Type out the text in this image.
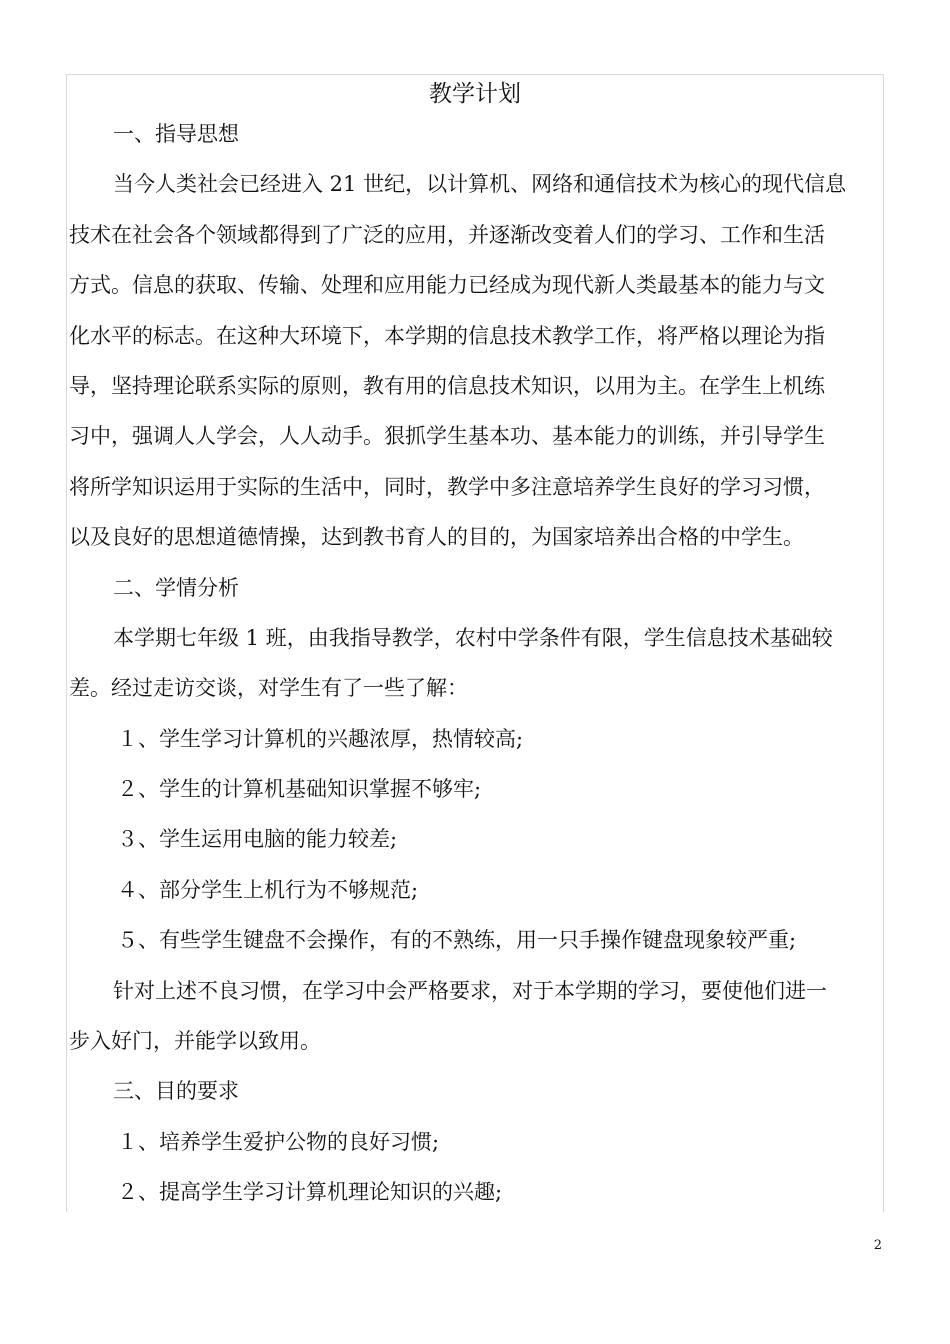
教学计划
一、指导思想
当今人类社会已经进入 21 世纪，以计算机、网络和通信技术为核心的现代信息
技术在社会各个领域都得到了广泛的应用，并逐渐改变着人们的学习、工作和生活
方式。信息的获取、传输、处理和应用能力已经成为现代新人类最基本的能力与文
化水平的标志。在这种大环境下，本学期的信息技术教学工作，将严格以理论为指
导，坚持理论联系实际的原则，教有用的信息技术知识，以用为主。在学生上机练
习中，强调人人学会，人人动手。狠抓学生基本功、基本能力的训练，并引导学生
将所学知识运用于实际的生活中，同时，教学中多注意培养学生良好的学习习惯，
以及良好的思想道德情操，达到教书育人的目的，为国家培养出合格的中学生。
二、学情分析
本学期七年级 1 班，由我指导教学，农村中学条件有限，学生信息技术基础较
差。经过走访交谈，对学生有了一些了解：
１、学生学习计算机的兴趣浓厚，热情较高;
２、学生的计算机基础知识掌握不够牢;
３、学生运用电脑的能力较差;
４、部分学生上机行为不够规范;
５、有些学生键盘不会操作，有的不熟练，用一只手操作键盘现象较严重;
针对上述不良习惯，在学习中会严格要求，对于本学期的学习，要使他们进一
步入好门，并能学以致用。
三、目的要求
１、培养学生爱护公物的良好习惯;
２、提高学生学习计算机理论知识的兴趣;
2
